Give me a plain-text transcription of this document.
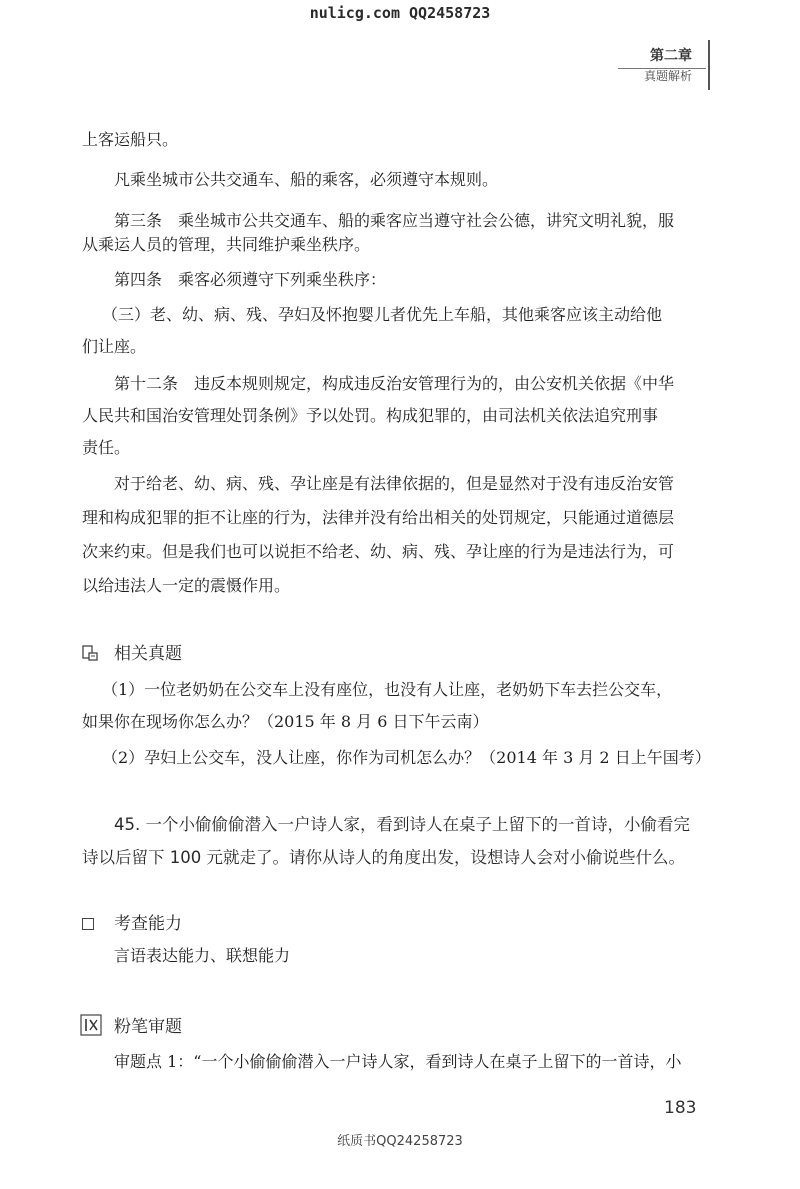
nulicg.com QQ2458723
第二章
真题解析
上客运船只。
凡乘坐城市公共交通车、船的乘客，必须遵守本规则。
第三条　乘坐城市公共交通车、船的乘客应当遵守社会公德，讲究文明礼貌，服
从乘运人员的管理，共同维护乘坐秩序。
第四条　乘客必须遵守下列乘坐秩序：
（三）老、幼、病、残、孕妇及怀抱婴儿者优先上车船，其他乘客应该主动给他
们让座。
第十二条　违反本规则规定，构成违反治安管理行为的，由公安机关依据《中华
人民共和国治安管理处罚条例》予以处罚。构成犯罪的，由司法机关依法追究刑事
责任。
对于给老、幼、病、残、孕让座是有法律依据的，但是显然对于没有违反治安管
理和构成犯罪的拒不让座的行为，法律并没有给出相关的处罚规定，只能通过道德层
次来约束。但是我们也可以说拒不给老、幼、病、残、孕让座的行为是违法行为，可
以给违法人一定的震慑作用。
相关真题
（1）一位老奶奶在公交车上没有座位，也没有人让座，老奶奶下车去拦公交车，
如果你在现场你怎么办？（2015 年 8 月 6 日下午云南）
（2）孕妇上公交车，没人让座，你作为司机怎么办？（2014 年 3 月 2 日上午国考）
45. 一个小偷偷偷潜入一户诗人家，看到诗人在桌子上留下的一首诗，小偷看完
诗以后留下 100 元就走了。请你从诗人的角度出发，设想诗人会对小偷说些什么。
考查能力
言语表达能力、联想能力
粉笔审题
审题点 1：“一个小偷偷偷潜入一户诗人家，看到诗人在桌子上留下的一首诗，小
183
纸质书QQ24258723
